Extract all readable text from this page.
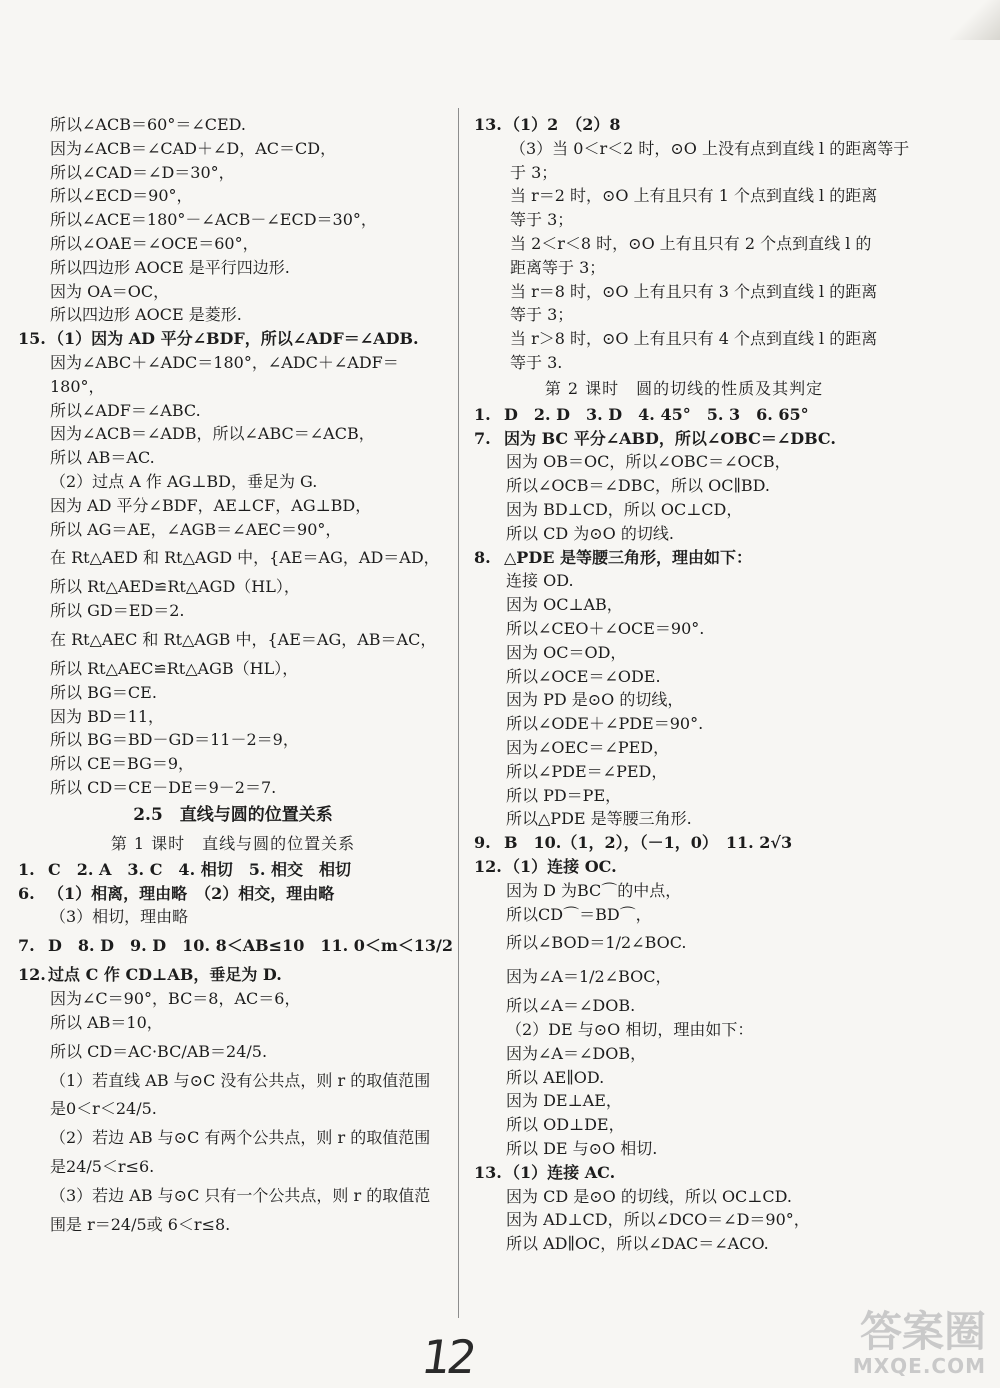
所以∠ACB＝60°＝∠CED.
因为∠ACB＝∠CAD＋∠D，AC＝CD，
所以∠CAD＝∠D＝30°，
所以∠ECD＝90°，
所以∠ACE＝180°－∠ACB－∠ECD＝30°，
所以∠OAE＝∠OCE＝60°，
所以四边形 AOCE 是平行四边形.
因为 OA＝OC，
所以四边形 AOCE 是菱形.
15. （1）因为 AD 平分∠BDF，所以∠ADF＝∠ADB.
因为∠ABC＋∠ADC＝180°，∠ADC＋∠ADF＝
180°，
所以∠ADF＝∠ABC.
因为∠ACB＝∠ADB，所以∠ABC＝∠ACB，
所以 AB＝AC.
（2）过点 A 作 AG⊥BD，垂足为 G.
因为 AD 平分∠BDF，AE⊥CF，AG⊥BD，
所以 AG＝AE，∠AGB＝∠AEC＝90°，
在 Rt△AED 和 Rt△AGD 中，{AE＝AG，AD＝AD，
所以 Rt△AED≌Rt△AGD（HL），
所以 GD＝ED＝2.
在 Rt△AEC 和 Rt△AGB 中，{AE＝AG，AB＝AC，
所以 Rt△AEC≌Rt△AGB（HL），
所以 BG＝CE.
因为 BD＝11，
所以 BG＝BD－GD＝11－2＝9，
所以 CE＝BG＝9，
所以 CD＝CE－DE＝9－2＝7.
2.5　直线与圆的位置关系
第 1 课时　直线与圆的位置关系
1. C　2. A　3. C　4. 相切　5. 相交　相切
6. （1）相离，理由略　（2）相交，理由略
（3）相切，理由略
7. D　8. D　9. D　10. 8＜AB≤10　11. 0＜m＜13/2
12. 过点 C 作 CD⊥AB，垂足为 D.
因为∠C＝90°，BC＝8，AC＝6，
所以 AB＝10，
所以 CD＝AC·BC/AB＝24/5.
（1）若直线 AB 与⊙C 没有公共点，则 r 的取值范围
是0＜r＜24/5.
（2）若边 AB 与⊙C 有两个公共点，则 r 的取值范围
是24/5＜r≤6.
（3）若边 AB 与⊙C 只有一个公共点，则 r 的取值范
围是 r＝24/5或 6＜r≤8.
13. （1）2　（2）8
（3）当 0＜r＜2 时，⊙O 上没有点到直线 l 的距离等于
于 3；
当 r＝2 时，⊙O 上有且只有 1 个点到直线 l 的距离
等于 3；
当 2＜r＜8 时，⊙O 上有且只有 2 个点到直线 l 的
距离等于 3；
当 r＝8 时，⊙O 上有且只有 3 个点到直线 l 的距离
等于 3；
当 r＞8 时，⊙O 上有且只有 4 个点到直线 l 的距离
等于 3.
第 2 课时　圆的切线的性质及其判定
1. D　2. D　3. D　4. 45°　5. 3　6. 65°
7. 因为 BC 平分∠ABD，所以∠OBC＝∠DBC.
因为 OB＝OC，所以∠OBC＝∠OCB，
所以∠OCB＝∠DBC，所以 OC∥BD.
因为 BD⊥CD，所以 OC⊥CD，
所以 CD 为⊙O 的切线.
8. △PDE 是等腰三角形，理由如下：
连接 OD.
因为 OC⊥AB，
所以∠CEO＋∠OCE＝90°.
因为 OC＝OD，
所以∠OCE＝∠ODE.
因为 PD 是⊙O 的切线，
所以∠ODE＋∠PDE＝90°.
因为∠OEC＝∠PED，
所以∠PDE＝∠PED，
所以 PD＝PE，
所以△PDE 是等腰三角形.
9. B　10.（1，2），（－1，0）　11. 2√3
12. （1）连接 OC.
因为 D 为BC⌒的中点，
所以CD⌒＝BD⌒，
所以∠BOD＝1/2∠BOC.
因为∠A＝1/2∠BOC，
所以∠A＝∠DOB.
（2）DE 与⊙O 相切，理由如下：
因为∠A＝∠DOB，
所以 AE∥OD.
因为 DE⊥AE，
所以 OD⊥DE，
所以 DE 与⊙O 相切.
13. （1）连接 AC.
因为 CD 是⊙O 的切线，所以 OC⊥CD.
因为 AD⊥CD，所以∠DCO＝∠D＝90°，
所以 AD∥OC，所以∠DAC＝∠ACO.
12	答案圈
MXQE.COM
